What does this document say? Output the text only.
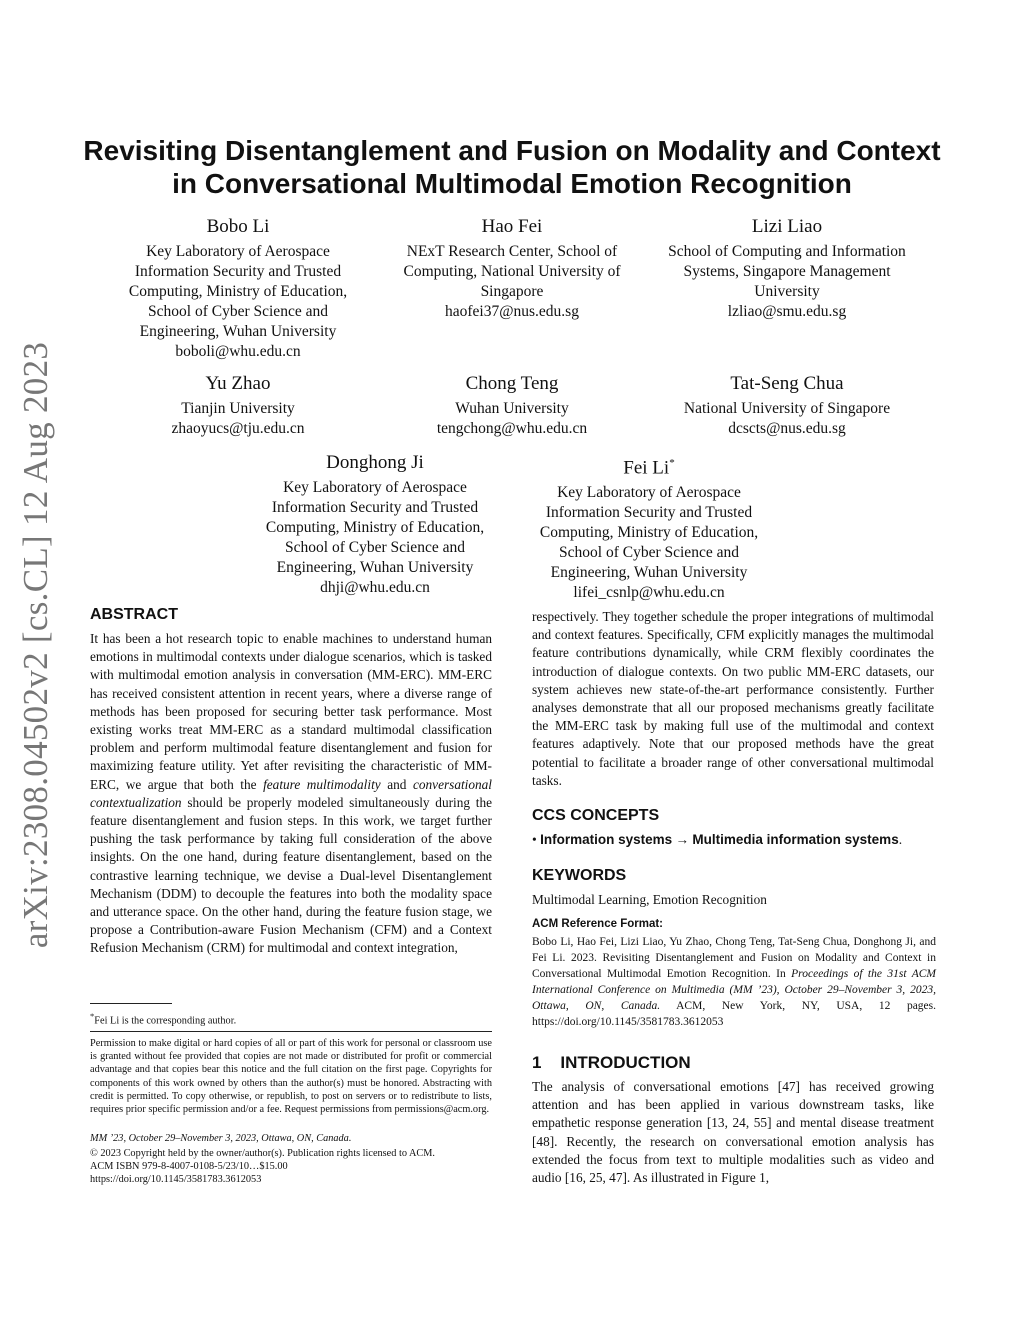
arXiv:2308.04502v2 [cs.CL] 12 Aug 2023
Revisiting Disentanglement and Fusion on Modality and Context
in Conversational Multimodal Emotion Recognition
Bobo Li
Key Laboratory of Aerospace
Information Security and Trusted
Computing, Ministry of Education,
School of Cyber Science and
Engineering, Wuhan University
boboli@whu.edu.cn
Hao Fei
NExT Research Center, School of
Computing, National University of
Singapore
haofei37@nus.edu.sg
Lizi Liao
School of Computing and Information
Systems, Singapore Management
University
lzliao@smu.edu.sg
Yu Zhao
Tianjin University
zhaoyucs@tju.edu.cn
Chong Teng
Wuhan University
tengchong@whu.edu.cn
Tat-Seng Chua
National University of Singapore
dcscts@nus.edu.sg
Donghong Ji
Key Laboratory of Aerospace
Information Security and Trusted
Computing, Ministry of Education,
School of Cyber Science and
Engineering, Wuhan University
dhji@whu.edu.cn
Fei Li*
Key Laboratory of Aerospace
Information Security and Trusted
Computing, Ministry of Education,
School of Cyber Science and
Engineering, Wuhan University
lifei_csnlp@whu.edu.cn
ABSTRACT
It has been a hot research topic to enable machines to understand human emotions in multimodal contexts under dialogue scenarios, which is tasked with multimodal emotion analysis in conversation (MM-ERC). MM-ERC has received consistent attention in recent years, where a diverse range of methods has been proposed for securing better task performance. Most existing works treat MM-ERC as a standard multimodal classification problem and perform multimodal feature disentanglement and fusion for maximizing feature utility. Yet after revisiting the characteristic of MM-ERC, we argue that both the feature multimodality and conversational contextualization should be properly modeled simultaneously during the feature disentanglement and fusion steps. In this work, we target further pushing the task performance by taking full consideration of the above insights. On the one hand, during feature disentanglement, based on the contrastive learning technique, we devise a Dual-level Disentanglement Mechanism (DDM) to decouple the features into both the modality space and utterance space. On the other hand, during the feature fusion stage, we propose a Contribution-aware Fusion Mechanism (CFM) and a Context Refusion Mechanism (CRM) for multimodal and context integration,
*Fei Li is the corresponding author.
Permission to make digital or hard copies of all or part of this work for personal or classroom use is granted without fee provided that copies are not made or distributed for profit or commercial advantage and that copies bear this notice and the full citation on the first page. Copyrights for components of this work owned by others than the author(s) must be honored. Abstracting with credit is permitted. To copy otherwise, or republish, to post on servers or to redistribute to lists, requires prior specific permission and/or a fee. Request permissions from permissions@acm.org.
MM ’23, October 29–November 3, 2023, Ottawa, ON, Canada.
© 2023 Copyright held by the owner/author(s). Publication rights licensed to ACM.
ACM ISBN 979-8-4007-0108-5/23/10…$15.00
https://doi.org/10.1145/3581783.3612053
respectively. They together schedule the proper integrations of multimodal and context features. Specifically, CFM explicitly manages the multimodal feature contributions dynamically, while CRM flexibly coordinates the introduction of dialogue contexts. On two public MM-ERC datasets, our system achieves new state-of-the-art performance consistently. Further analyses demonstrate that all our proposed mechanisms greatly facilitate the MM-ERC task by making full use of the multimodal and context features adaptively. Note that our proposed methods have the great potential to facilitate a broader range of other conversational multimodal tasks.
CCS CONCEPTS
• Information systems → Multimedia information systems.
KEYWORDS
Multimodal Learning, Emotion Recognition
ACM Reference Format:
Bobo Li, Hao Fei, Lizi Liao, Yu Zhao, Chong Teng, Tat-Seng Chua, Donghong Ji, and Fei Li. 2023. Revisiting Disentanglement and Fusion on Modality and Context in Conversational Multimodal Emotion Recognition. In Proceedings of the 31st ACM International Conference on Multimedia (MM ’23), October 29–November 3, 2023, Ottawa, ON, Canada. ACM, New York, NY, USA, 12 pages. https://doi.org/10.1145/3581783.3612053
1    INTRODUCTION
The analysis of conversational emotions [47] has received growing attention and has been applied in various downstream tasks, like empathetic response generation [13, 24, 55] and mental disease treatment [48]. Recently, the research on conversational emotion analysis has extended the focus from text to multiple modalities such as video and audio [16, 25, 47]. As illustrated in Figure 1,
